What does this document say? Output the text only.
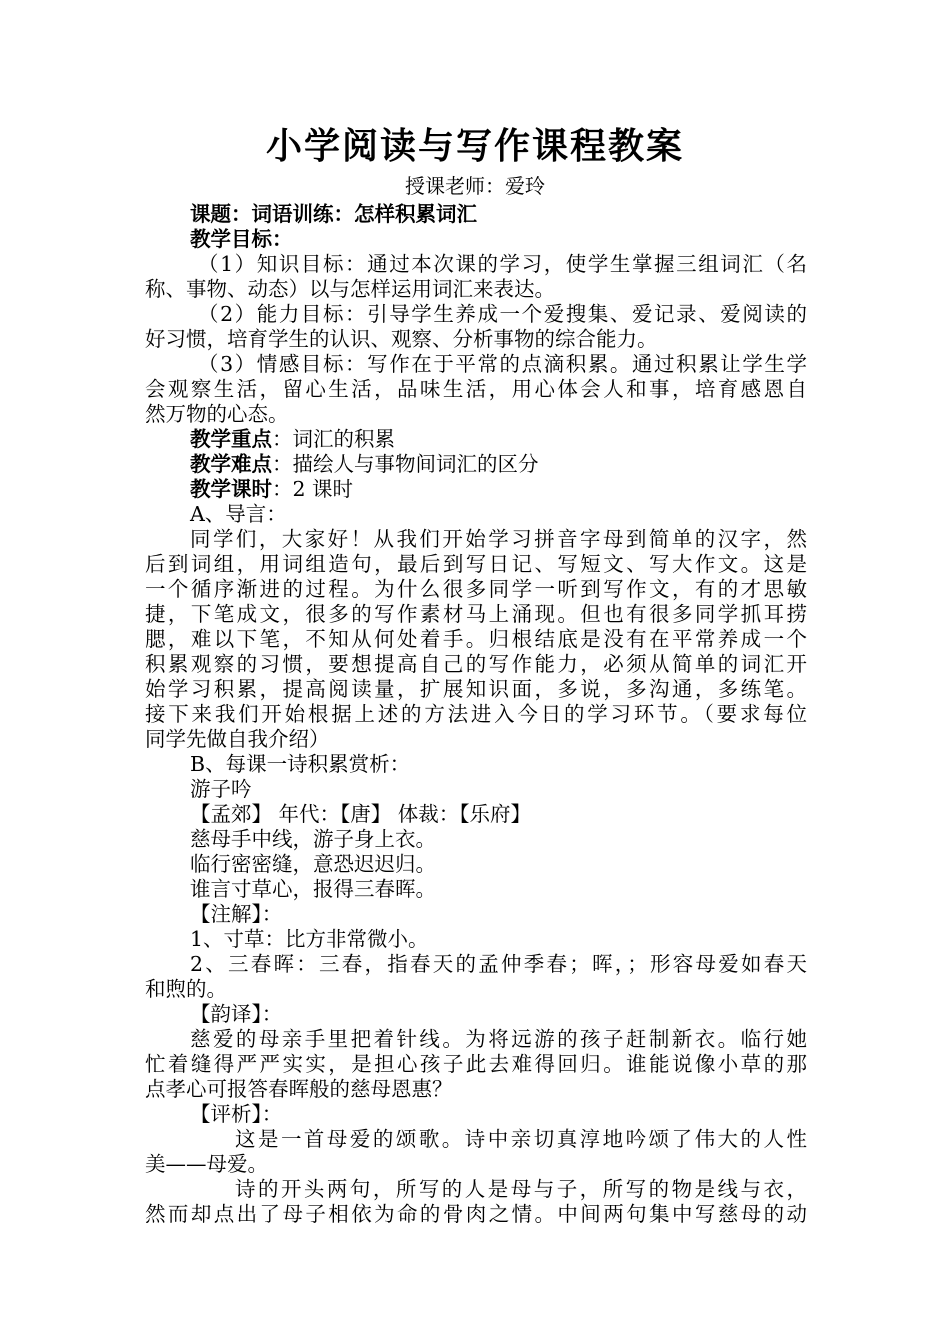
小学阅读与写作课程教案
授课老师：爱玲
课题：词语训练：怎样积累词汇
教学目标：
（1）知识目标：通过本次课的学习，使学生掌握三组词汇（名
称、事物、动态）以与怎样运用词汇来表达。
（2）能力目标：引导学生养成一个爱搜集、爱记录、爱阅读的
好习惯，培育学生的认识、观察、分析事物的综合能力。
（3）情感目标：写作在于平常的点滴积累。通过积累让学生学
会观察生活，留心生活，品味生活，用心体会人和事，培育感恩自
然万物的心态。
教学重点：词汇的积累
教学难点：描绘人与事物间词汇的区分
教学课时：2 课时
A、导言：
同学们，大家好！从我们开始学习拼音字母到简单的汉字，然
后到词组，用词组造句，最后到写日记、写短文、写大作文。这是
一个循序渐进的过程。为什么很多同学一听到写作文，有的才思敏
捷，下笔成文，很多的写作素材马上涌现。但也有很多同学抓耳捞
腮，难以下笔，不知从何处着手。归根结底是没有在平常养成一个
积累观察的习惯，要想提高自己的写作能力，必须从简单的词汇开
始学习积累，提高阅读量，扩展知识面，多说，多沟通，多练笔。
接下来我们开始根据上述的方法进入今日的学习环节。（要求每位
同学先做自我介绍）
B、每课一诗积累赏析：
游子吟
【孟郊】 年代：【唐】 体裁：【乐府】
慈母手中线，游子身上衣。
临行密密缝，意恐迟迟归。
谁言寸草心，报得三春晖。
【注解】：
1、寸草：比方非常微小。
2、三春晖：三春，指春天的孟仲季春；晖，；形容母爱如春天
和煦的。
【韵译】：
慈爱的母亲手里把着针线。为将远游的孩子赶制新衣。临行她
忙着缝得严严实实，是担心孩子此去难得回归。谁能说像小草的那
点孝心可报答春晖般的慈母恩惠？
【评析】：
这是一首母爱的颂歌。诗中亲切真淳地吟颂了伟大的人性
美——母爱。
诗的开头两句，所写的人是母与子，所写的物是线与衣，
然而却点出了母子相依为命的骨肉之情。中间两句集中写慈母的动
